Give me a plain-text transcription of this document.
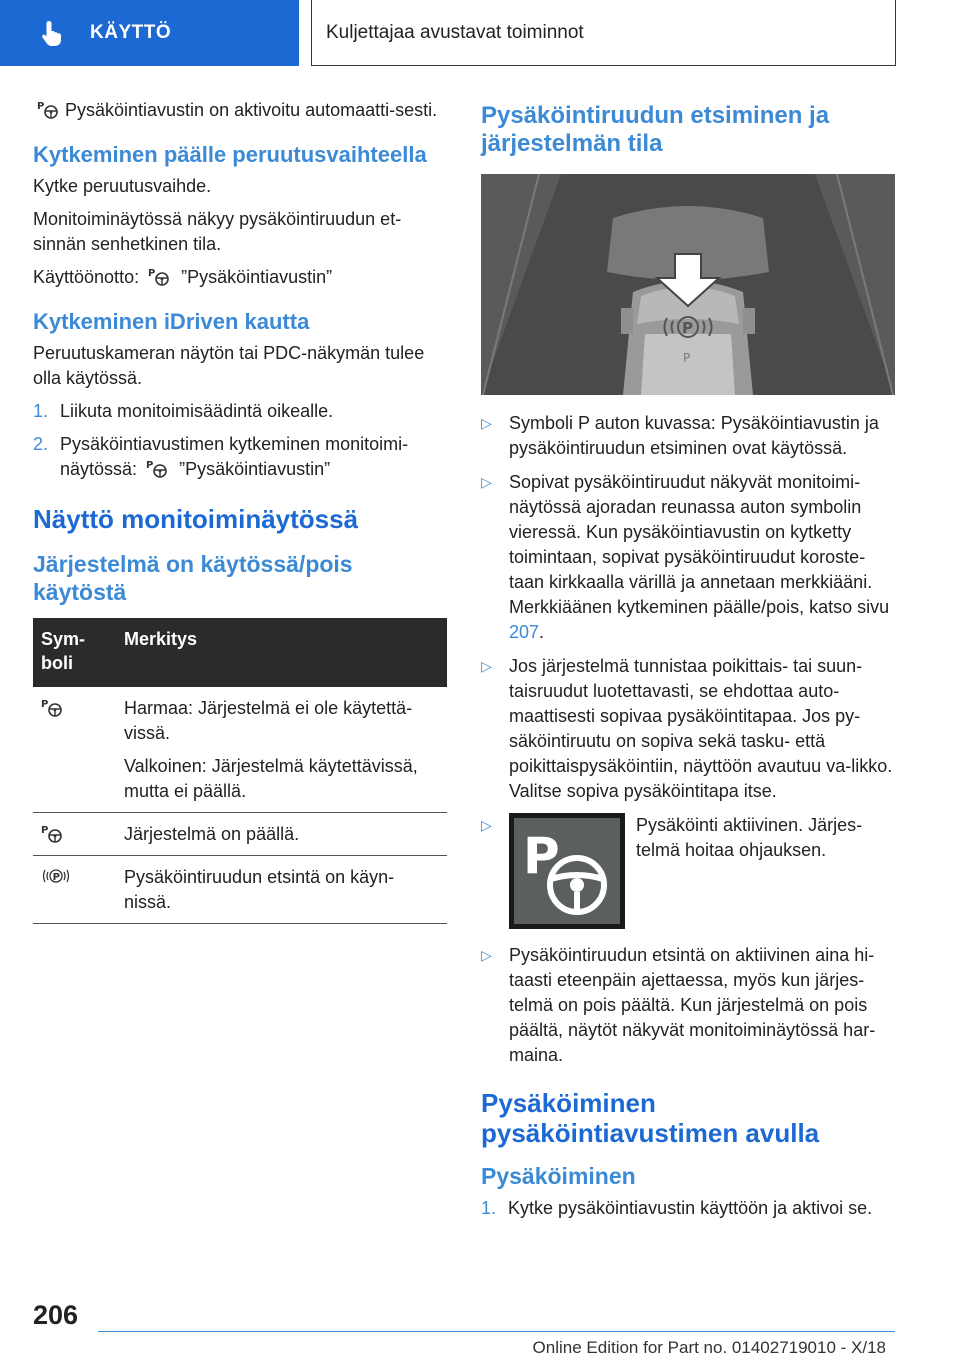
KÄYTTÖ	Kuljettajaa avustavat toiminnot

P Pysäköintiavustin on aktivoitu automaatti-sesti.

Kytkeminen päälle peruutusvaihteella

Kytke peruutusvaihde.

Monitoiminäytössä näkyy pysäköintiruudun et-sinnän senhetkinen tila.

Käyttöönotto: P ”Pysäköintiavustin”

Kytkeminen iDriven kautta

Peruutuskameran näytön tai PDC-näkymän tulee olla käytössä.

1. Liikuta monitoimisäädintä oikealle.
2. Pysäköintiavustimen kytkeminen monitoimi-näytössä: P ”Pysäköintiavustin”
Näyttö monitoiminäytössä
Järjestelmä on käytössä/pois käytöstä
Sym-boli	Merkitys

P	Harmaa: Järjestelmä ei ole käytettä-vissä.

Valkoinen: Järjestelmä käytettävissä, mutta ei päällä.

P	Järjestelmä on päällä.

P	Pysäköintiruudun etsintä on käyn-nissä.

Pysäköintiruudun etsiminen ja järjestelmän tila
P
P
▷ Symboli P auton kuvassa: Pysäköintiavustin ja pysäköintiruudun etsiminen ovat käytössä.
▷ Sopivat pysäköintiruudut näkyvät monitoimi-näytössä ajoradan reunassa auton symbolin vieressä. Kun pysäköintiavustin on kytketty toimintaan, sopivat pysäköintiruudut koroste-taan kirkkaalla värillä ja annetaan merkkiääni. Merkkiäänen kytkeminen päälle/pois, katso sivu 207.
▷ Jos järjestelmä tunnistaa poikittais- tai suun-taisruudut luotettavasti, se ehdottaa auto-maattisesti sopivaa pysäköintitapaa. Jos py-säköintiruutu on sopiva sekä tasku- että poikittaispysäköintiin, näyttöön avautuu va-likko. Valitse sopiva pysäköintitapa itse.
▷
P
Pysäköinti aktiivinen. Järjes-telmä hoitaa ohjauksen.
▷ Pysäköintiruudun etsintä on aktiivinen aina hi-taasti eteenpäin ajettaessa, myös kun järjes-telmä on pois päältä. Kun järjestelmä on pois päältä, näytöt näkyvät monitoiminäytössä har-maina.
Pysäköiminen pysäköintiavustimen avulla
Pysäköiminen
1. Kytke pysäköintiavustin käyttöön ja aktivoi se.
206
Online Edition for Part no. 01402719010 - X/18
